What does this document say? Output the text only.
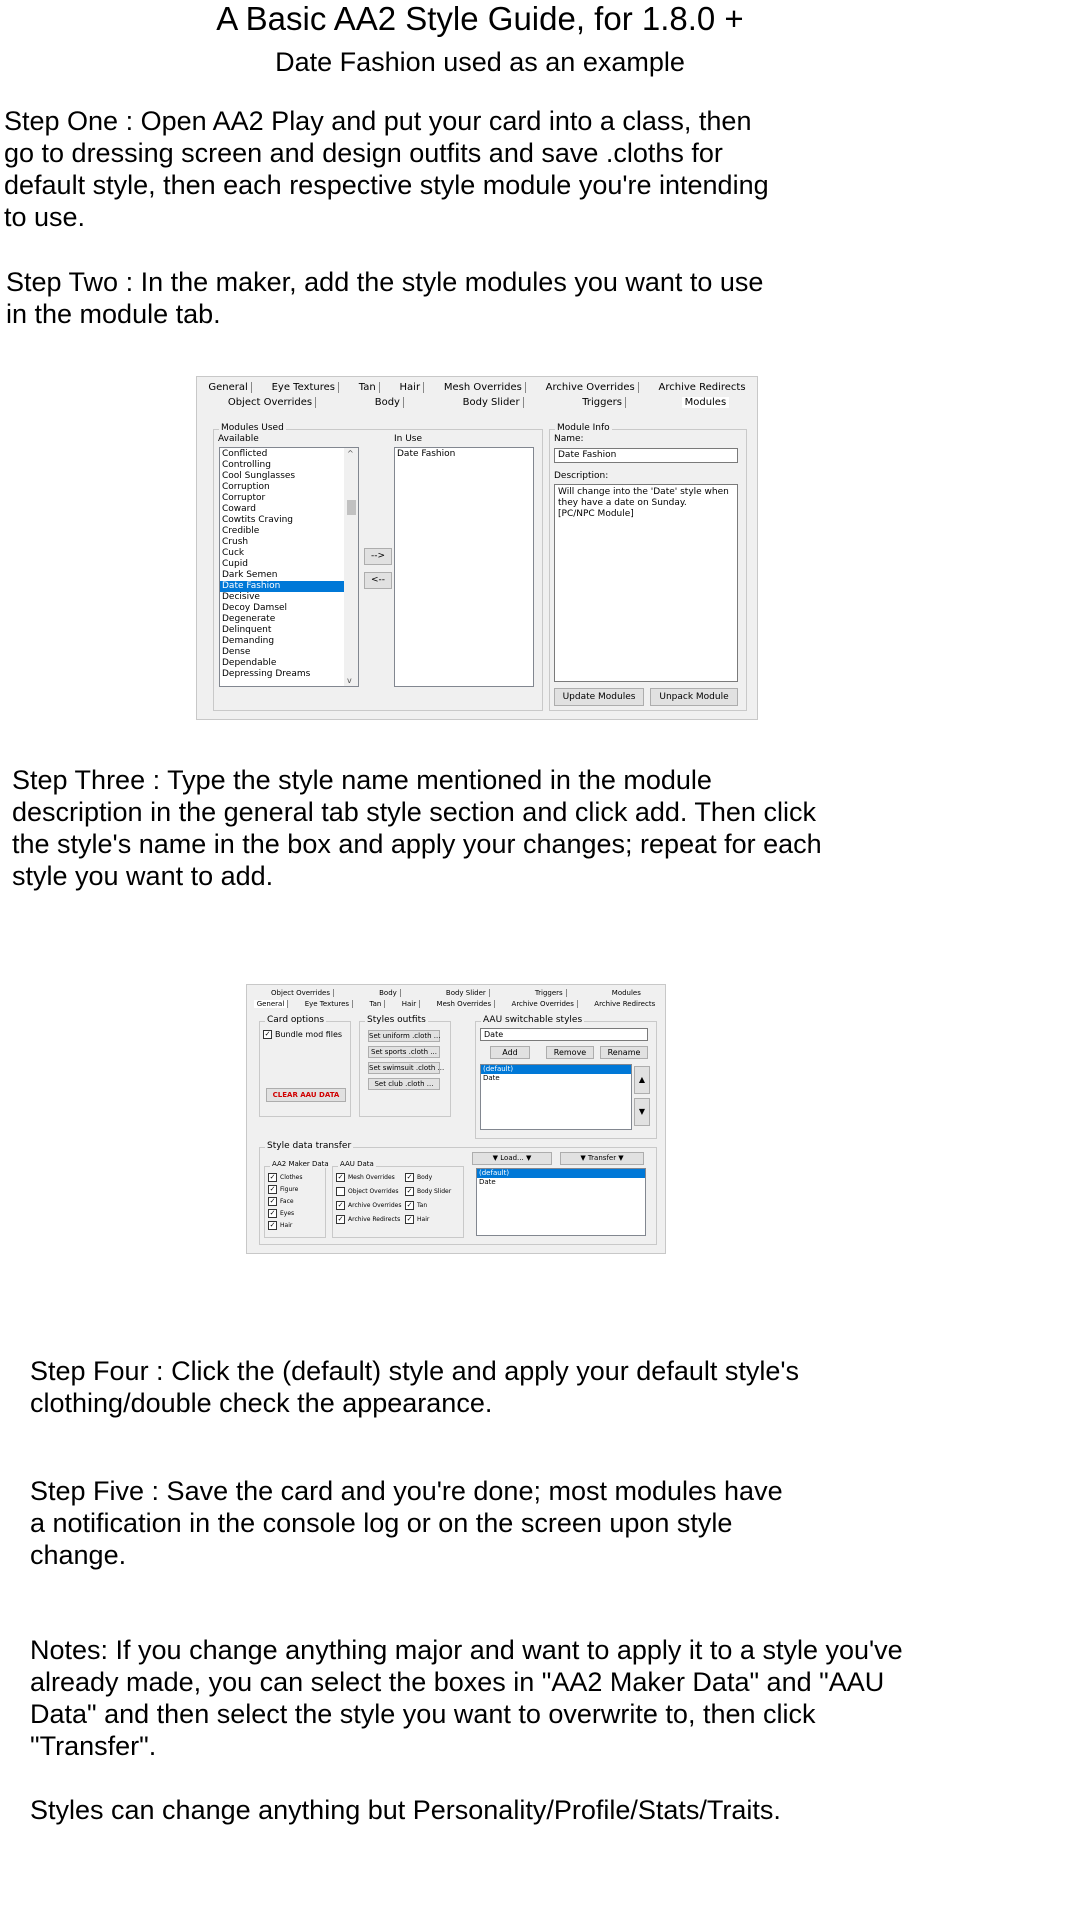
A Basic AA2 Style Guide, for 1.8.0 +
Date Fashion used as an example
Step One : Open AA2 Play and put your card into a class, then
go to dressing screen and design outfits and save .cloths for
default style, then each respective style module you're intending
to use.
Step Two : In the maker, add the style modules you want to use
in the module tab.
General	Eye Textures	Tan	Hair	Mesh Overrides	Archive Overrides	Archive Redirects
Object Overrides	Body	Body Slider	Triggers	Modules
Modules Used
Available	In Use
Conflicted
Controlling
Cool Sunglasses
Corruption
Corruptor
Coward
Cowtits Craving
Credible
Crush
Cuck
Cupid
Dark Semen
Date Fashion
Decisive
Decoy Damsel
Degenerate
Delinquent
Demanding
Dense
Dependable
Depressing Dreams
^
v
-->
<--
Date Fashion
Module Info
Name:
Date Fashion
Description:
Will change into the 'Date' style when
they have a date on Sunday.
[PC/NPC Module]
Update Modules	Unpack Module
Step Three : Type the style name mentioned in the module
description in the general tab style section and click add. Then click
the style's name in the box and apply your changes; repeat for each
style you want to add.
Object Overrides	Body	Body Slider	Triggers	Modules
General	Eye Textures	Tan	Hair	Mesh Overrides	Archive Overrides	Archive Redirects
Card options
✓ Bundle mod files
CLEAR AAU DATA
Styles outfits
Set uniform .cloth ...
Set sports .cloth ...
Set swimsuit .cloth ...
Set club .cloth ...
AAU switchable styles
Date
Add	Remove	Rename
(default)
Date	▲
▼
Style data transfer
AA2 Maker Data
✓ Clothes
✓ Figure
✓ Face
✓ Eyes
✓ Hair
AAU Data
✓ Mesh Overrides
Object Overrides
✓ Archive Overrides
✓ Archive Redirects
✓ Body
✓ Body Slider
✓ Tan
✓ Hair
▼ Load... ▼	▼ Transfer ▼
(default)
Date
Step Four : Click the (default) style and apply your default style's
clothing/double check the appearance.
Step Five : Save the card and you're done; most modules have
a notification in the console log or on the screen upon style
change.
Notes: If you change anything major and want to apply it to a style you've
already made, you can select the boxes in "AA2 Maker Data" and "AAU
Data" and then select the style you want to overwrite to, then click
"Transfer".
Styles can change anything but Personality/Profile/Stats/Traits.
